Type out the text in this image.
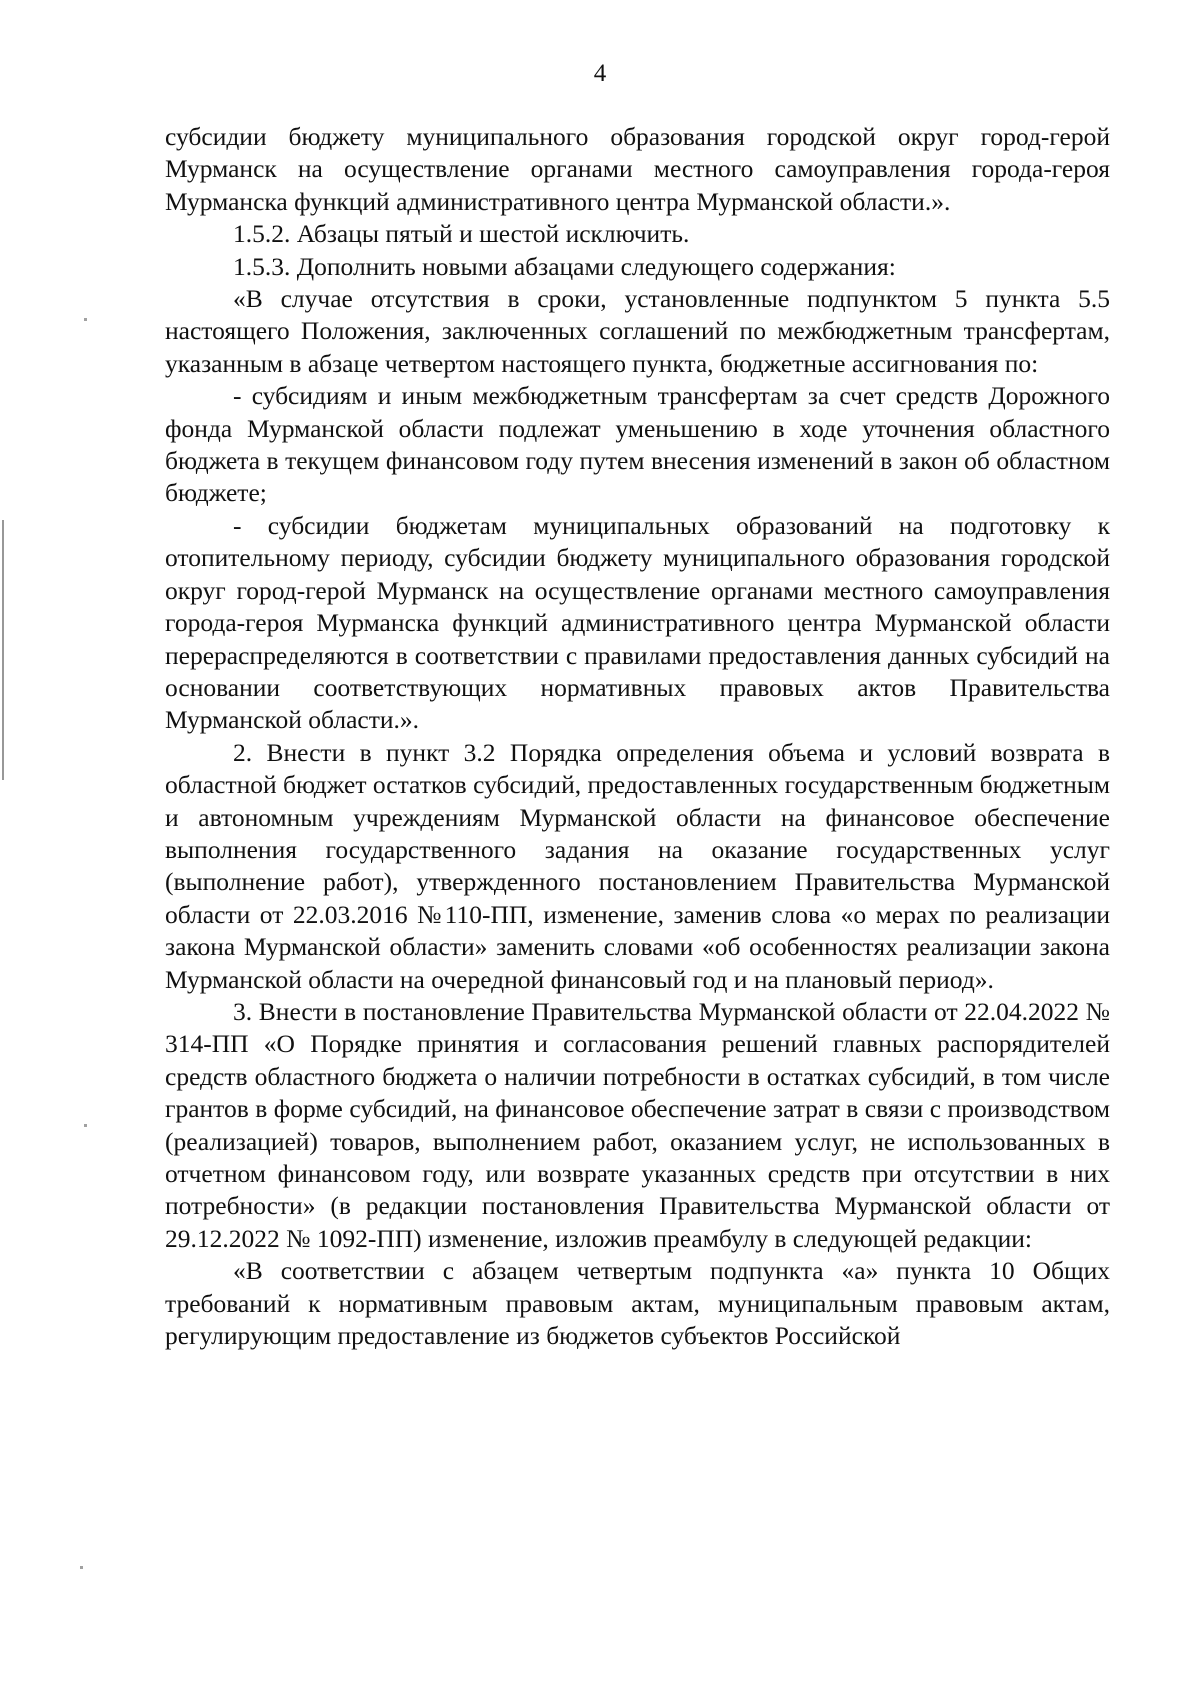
4

субсидии бюджету муниципального образования городской округ город-герой Мурманск на осуществление органами местного самоуправления города-героя Мурманска функций административного центра Мурманской области.».

1.5.2. Абзацы пятый и шестой исключить.

1.5.3. Дополнить новыми абзацами следующего содержания:

«В случае отсутствия в сроки, установленные подпунктом 5 пункта 5.5 настоящего Положения, заключенных соглашений по межбюджетным трансфертам, указанным в абзаце четвертом настоящего пункта, бюджетные ассигнования по:

- субсидиям и иным межбюджетным трансфертам за счет средств Дорожного фонда Мурманской области подлежат уменьшению в ходе уточнения областного бюджета в текущем финансовом году путем внесения изменений в закон об областном бюджете;

- субсидии бюджетам муниципальных образований на подготовку к отопительному периоду, субсидии бюджету муниципального образования городской округ город-герой Мурманск на осуществление органами местного самоуправления города-героя Мурманска функций административного центра Мурманской области перераспределяются в соответствии с правилами предоставления данных субсидий на основании соответствующих нормативных правовых актов Правительства Мурманской области.».

2. Внести в пункт 3.2 Порядка определения объема и условий возврата в областной бюджет остатков субсидий, предоставленных государственным бюджетным и автономным учреждениям Мурманской области на финансовое обеспечение выполнения государственного задания на оказание государственных услуг (выполнение работ), утвержденного постановлением Правительства Мурманской области от 22.03.2016 №110-ПП, изменение, заменив слова «о мерах по реализации закона Мурманской области» заменить словами «об особенностях реализации закона Мурманской области на очередной финансовый год и на плановый период».

3. Внести в постановление Правительства Мурманской области от 22.04.2022 № 314-ПП «О Порядке принятия и согласования решений главных распорядителей средств областного бюджета о наличии потребности в остатках субсидий, в том числе грантов в форме субсидий, на финансовое обеспечение затрат в связи с производством (реализацией) товаров, выполнением работ, оказанием услуг, не использованных в отчетном финансовом году, или возврате указанных средств при отсутствии в них потребности» (в редакции постановления Правительства Мурманской области от 29.12.2022 № 1092-ПП) изменение, изложив преамбулу в следующей редакции:

«В соответствии с абзацем четвертым подпункта «а» пункта 10 Общих требований к нормативным правовым актам, муниципальным правовым актам, регулирующим предоставление из бюджетов субъектов Российской
